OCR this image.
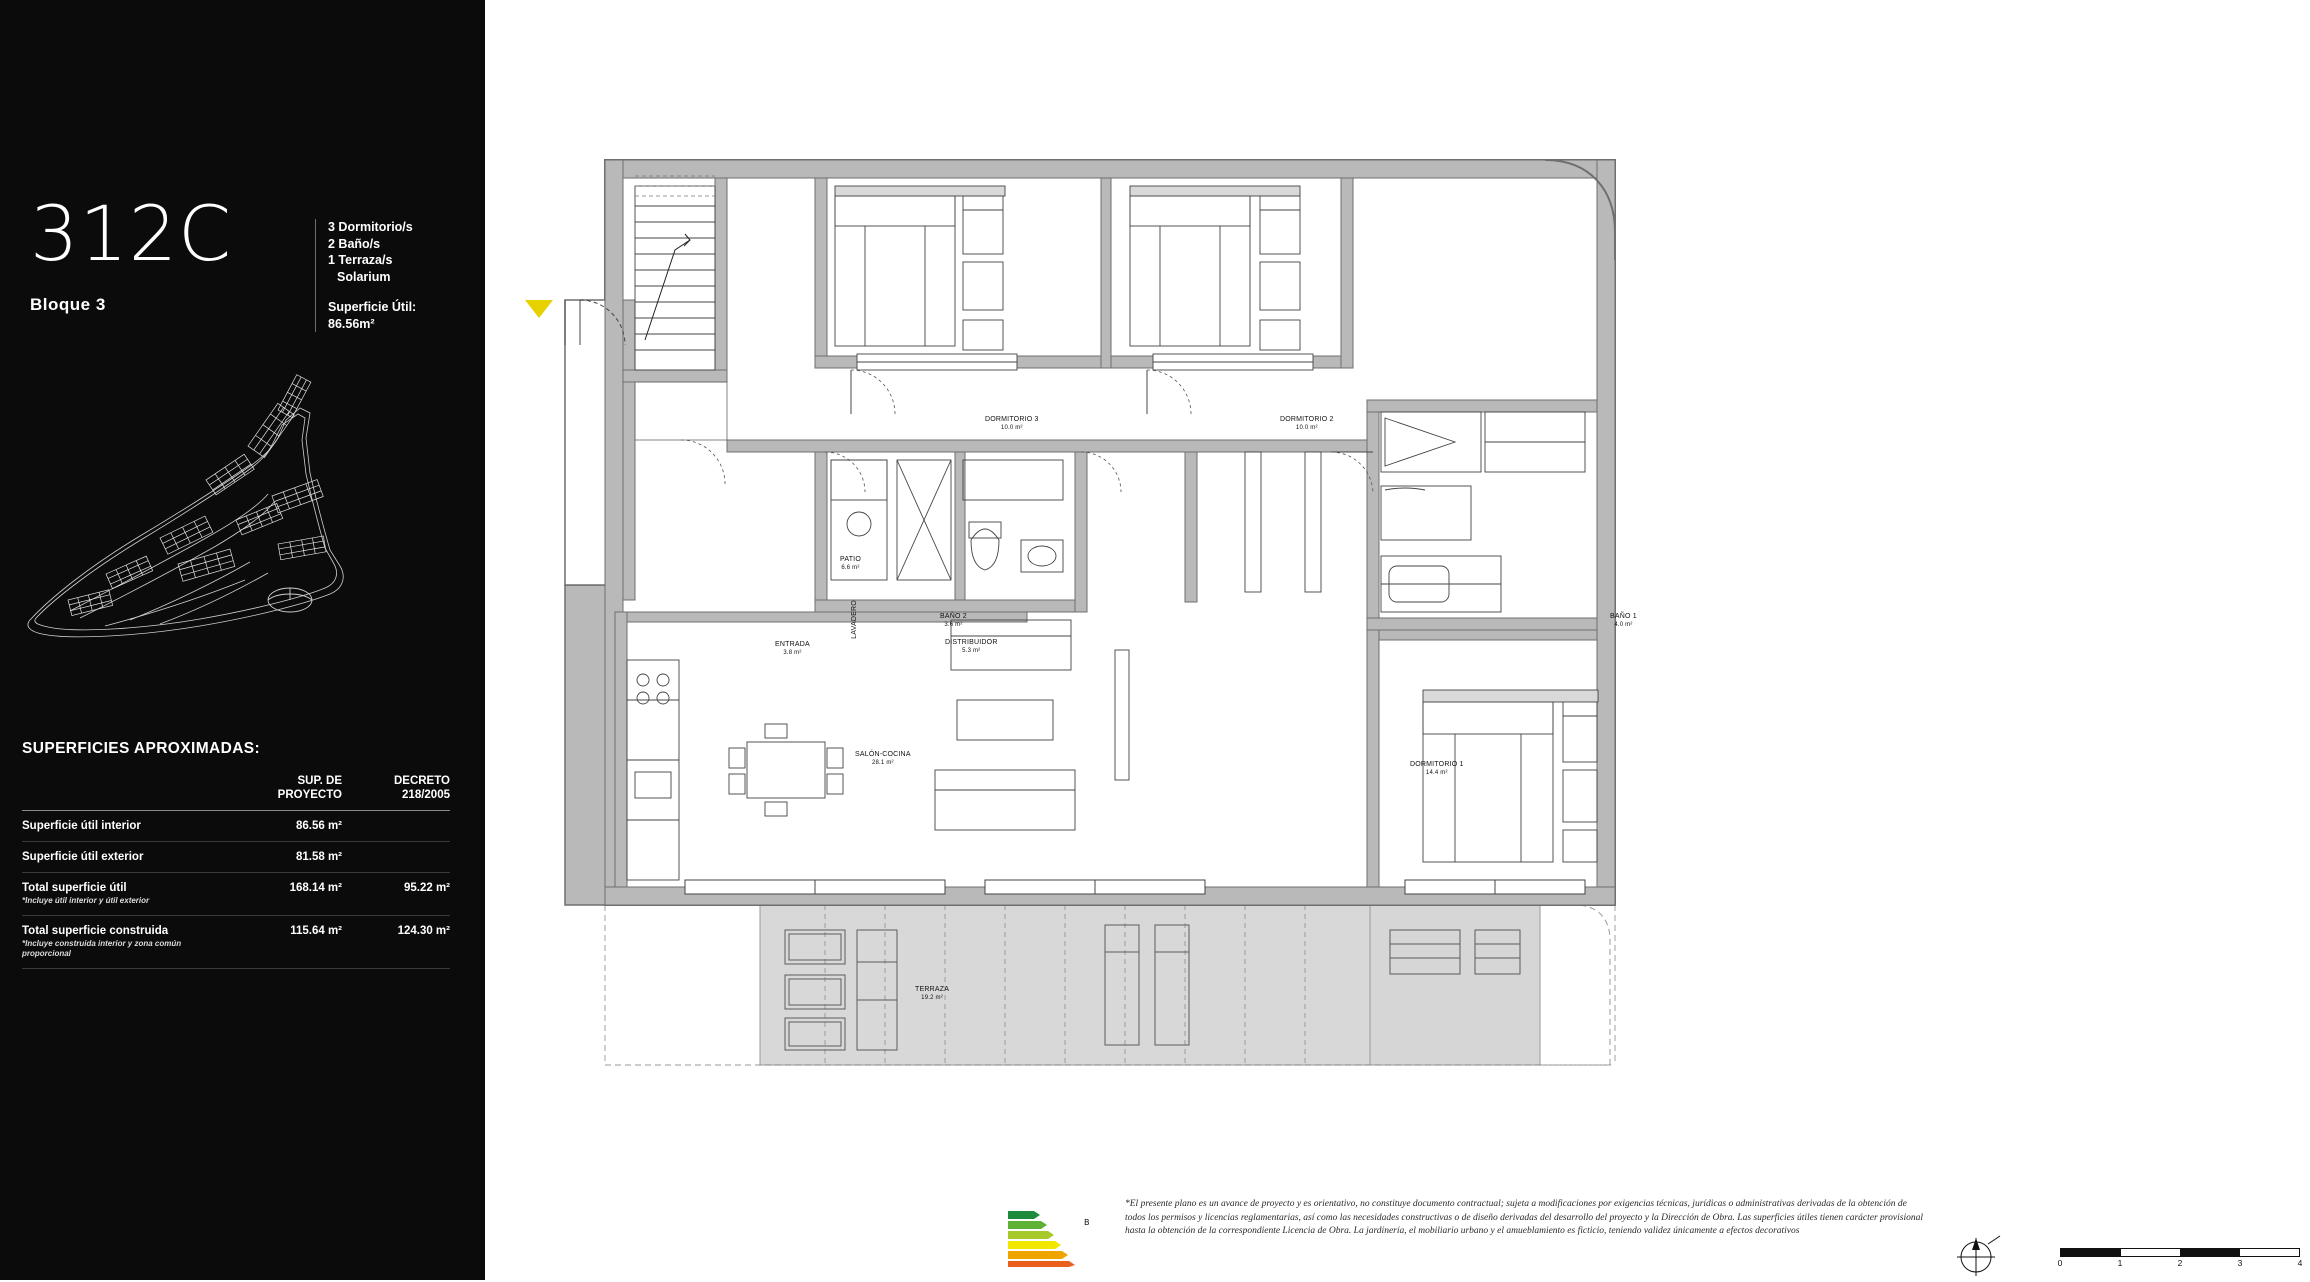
312C
Bloque 3
3 Dormitorio/s
2 Baño/s
1 Terraza/s
Solarium
Superficie Útil:
86.56m²
SUPERFICIES APROXIMADAS:

SUP. DE
PROYECTO

DECRETO
218/2005

Superficie útil interior	86.56 m²	
Superficie útil exterior	81.58 m²	
Total superficie útil
*Incluye útil interior y útil exterior	168.14 m²	95.22 m²
Total superficie construida
*Incluye construida interior y zona común proporcional	115.64 m²	124.30 m²
ENTRADA
3.8 m²
PATIO
6.6 m²
DISTRIBUIDOR
5.3 m²
DORMITORIO 3
10.0 m²
DORMITORIO 2
10.0 m²
DORMITORIO 1
14.4 m²
BAÑO 1
4.0 m²
BAÑO 2
3.6 m²
LAVADERO
SALÓN-COCINA
28.1 m²
TERRAZA
19.2 m²
B
*El presente plano es un avance de proyecto y es orientativo, no constituye documento contractual; sujeta a modificaciones por exigencias técnicas, jurídicas o administrativas derivadas de la obtención de todos los permisos y licencias reglamentarias, así como las necesidades constructivas o de diseño derivadas del desarrollo del proyecto y la Dirección de Obra. Las superficies útiles tienen carácter provisional hasta la obtención de la correspondiente Licencia de Obra. La jardinería, el mobiliario urbano y el amueblamiento es ficticio, teniendo validez únicamente a efectos decorativos
0	1	2	3	4
